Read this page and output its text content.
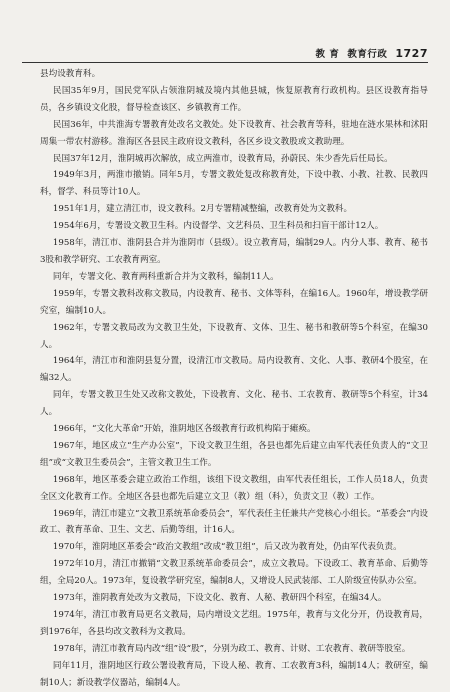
教 育 教育行政 1727

县均设教育科。

民国35年9月，国民党军队占领淮阴城及境内其他县城，恢复原教育行政机构。县区设教育指导员，各乡镇设文化股，督导检查该区、乡镇教育工作。

民国36年，中共淮海专署教育处改名文教处。处下设教育、社会教育等科，驻地在涟水果林和沭阳周集一带农村游移。淮海区各县民主政府设文教科，各区乡设文教股或文教助理。

民国37年12月，淮阴城再次解放，成立两淮市，设教育局，孙蔚民、朱少香先后任局长。

1949年3月，两淮市撤销。同年5月，专署文教处复改称教育处，下设中教、小教、社教、民教四科，督学、科员等计10人。

1951年1月，建立清江市，设文教科。2月专署精减整编，改教育处为文教科。

1954年6月，专署设文教卫生科。内设督学、文艺科员、卫生科员和扫盲干部计12人。

1958年，清江市、淮阴县合并为淮阴市（县级）。设立教育局，编制29人。内分人事、教育、秘书3股和教学研究、工农教育两室。

同年，专署文化、教育两科重新合并为文教科，编制11人。

1959年，专署文教科改称文教局，内设教育、秘书、文体等科，在编16人。1960年，增设教学研究室，编制10人。

1962年，专署文教局改为文教卫生处，下设教育、文体、卫生、秘书和教研等5个科室，在编30人。

1964年，清江市和淮阴县复分置，设清江市文教局。局内设教育、文化、人事、教研4个股室，在编32人。

同年，专署文教卫生处又改称文教处，下设教育、文化、秘书、工农教育、教研等5个科室，计34人。

1966年，“文化大革命”开始，淮阴地区各级教育行政机构陷于瘫痪。

1967年，地区成立“生产办公室”，下设文教卫生组，各县也都先后建立由军代表任负责人的“文卫组”或“文教卫生委员会”，主管文教卫生工作。

1968年，地区革委会建立政治工作组，该组下设文教组，由军代表任组长，工作人员18人，负责全区文化教育工作。全地区各县也都先后建立文卫（教）组（科），负责文卫（教）工作。

1969年，清江市建立“文教卫系统革命委员会”，军代表任主任兼共产党核心小组长。“革委会”内设政工、教育革命、卫生、文艺、后勤等组，计16人。

1970年，淮阴地区革委会“政治文教组”改成“教卫组”，后又改为教育处，仍由军代表负责。

1972年10月，清江市撤销“文教卫系统革命委员会”，成立文教局。下设政工、教育革命、后勤等组，全局20人。1973年，复设教学研究室，编制8人，又增设人民武装部、工人阶级宣传队办公室。

1973年，淮阴教育处改为文教局，下设文化、教育、人秘、教研四个科室，在编34人。

1974年，清江市教育局更名文教局，局内增设文艺组。1975年，教育与文化分开，仍设教育局，到1976年，各县均改文教科为文教局。

1978年，清江市教育局内改“组”设“股”，分别为政工、教育、计财、工农教育、教研等股室。

同年11月，淮阴地区行政公署设教育局，下设人秘、教育、工农教育3科，编制14人；教研室，编制10人；新设教学仪器站，编制4人。
